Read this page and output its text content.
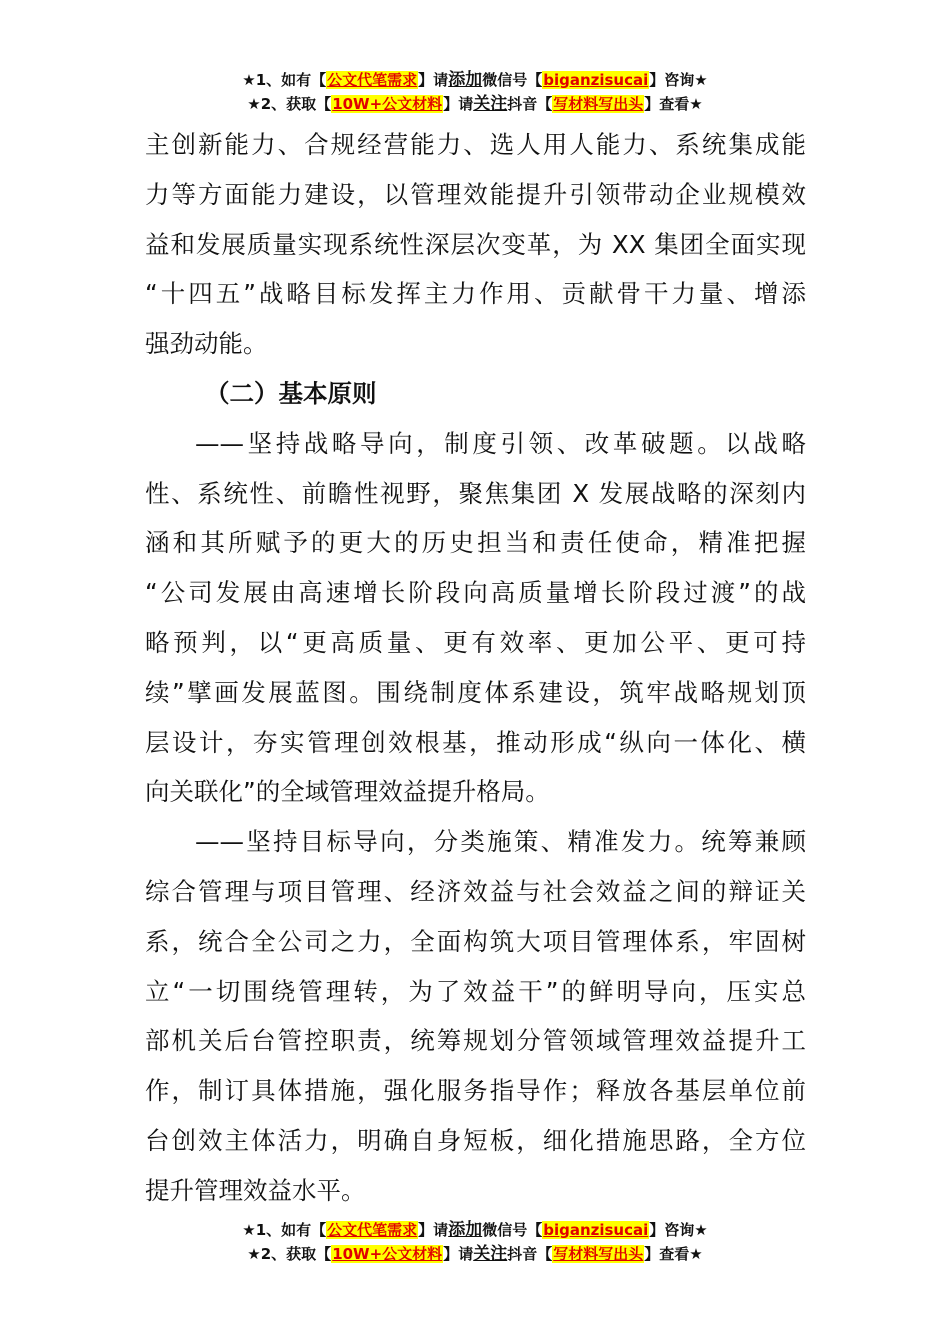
★1、如有【公文代笔需求】请添加微信号【biganzisucai】咨询★
★2、获取【10W+公文材料】请关注抖音【写材料写出头】查看★
主创新能力、合规经营能力、选人用人能力、系统集成能
力等方面能力建设，以管理效能提升引领带动企业规模效
益和发展质量实现系统性深层次变革，为 XX 集团全面实现
“十四五”战略目标发挥主力作用、贡献骨干力量、增添
强劲动能。
（二）基本原则
——坚持战略导向，制度引领、改革破题。以战略
性、系统性、前瞻性视野，聚焦集团 X 发展战略的深刻内
涵和其所赋予的更大的历史担当和责任使命，精准把握
“公司发展由高速增长阶段向高质量增长阶段过渡”的战
略预判，以“更高质量、更有效率、更加公平、更可持
续”擘画发展蓝图。围绕制度体系建设，筑牢战略规划顶
层设计，夯实管理创效根基，推动形成“纵向一体化、横
向关联化”的全域管理效益提升格局。
——坚持目标导向，分类施策、精准发力。统筹兼顾
综合管理与项目管理、经济效益与社会效益之间的辩证关
系，统合全公司之力，全面构筑大项目管理体系，牢固树
立“一切围绕管理转，为了效益干”的鲜明导向，压实总
部机关后台管控职责，统筹规划分管领域管理效益提升工
作，制订具体措施，强化服务指导作；释放各基层单位前
台创效主体活力，明确自身短板，细化措施思路，全方位
提升管理效益水平。
★1、如有【公文代笔需求】请添加微信号【biganzisucai】咨询★
★2、获取【10W+公文材料】请关注抖音【写材料写出头】查看★
